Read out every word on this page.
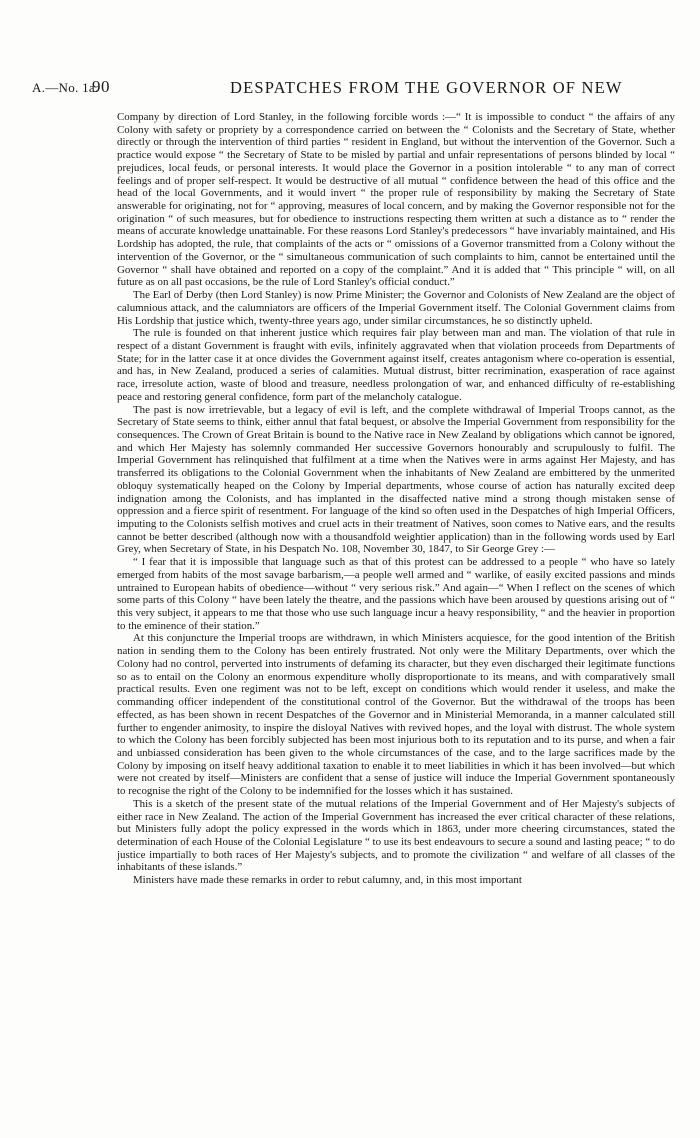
A.—No. 1a.
90	DESPATCHES FROM THE GOVERNOR OF NEW

Company by direction of Lord Stanley, in the following forcible words :—“ It is impossible to conduct “ the affairs of any Colony with safety or propriety by a correspondence carried on between the “ Colonists and the Secretary of State, whether directly or through the intervention of third parties “ resident in England, but without the intervention of the Governor. Such a practice would expose “ the Secretary of State to be misled by partial and unfair representations of persons blinded by local “ prejudices, local feuds, or personal interests. It would place the Governor in a position intolerable “ to any man of correct feelings and of proper self-respect. It would be destructive of all mutual “ confidence between the head of this office and the head of the local Governments, and it would invert “ the proper rule of responsibility by making the Secretary of State answerable for originating, not for “ approving, measures of local concern, and by making the Governor responsible not for the origination “ of such measures, but for obedience to instructions respecting them written at such a distance as to “ render the means of accurate knowledge unattainable. For these reasons Lord Stanley's predecessors “ have invariably maintained, and His Lordship has adopted, the rule, that complaints of the acts or “ omissions of a Governor transmitted from a Colony without the intervention of the Governor, or the “ simultaneous communication of such complaints to him, cannot be entertained until the Governor “ shall have obtained and reported on a copy of the complaint.” And it is added that “ This principle “ will, on all future as on all past occasions, be the rule of Lord Stanley's official conduct.”

The Earl of Derby (then Lord Stanley) is now Prime Minister; the Governor and Colonists of New Zealand are the object of calumnious attack, and the calumniators are officers of the Imperial Government itself. The Colonial Government claims from His Lordship that justice which, twenty-three years ago, under similar circumstances, he so distinctly upheld.

The rule is founded on that inherent justice which requires fair play between man and man. The violation of that rule in respect of a distant Government is fraught with evils, infinitely aggravated when that violation proceeds from Departments of State; for in the latter case it at once divides the Government against itself, creates antagonism where co-operation is essential, and has, in New Zealand, produced a series of calamities. Mutual distrust, bitter recrimination, exasperation of race against race, irresolute action, waste of blood and treasure, needless prolongation of war, and enhanced difficulty of re-establishing peace and restoring general confidence, form part of the melancholy catalogue.

The past is now irretrievable, but a legacy of evil is left, and the complete withdrawal of Imperial Troops cannot, as the Secretary of State seems to think, either annul that fatal bequest, or absolve the Imperial Government from responsibility for the consequences. The Crown of Great Britain is bound to the Native race in New Zealand by obligations which cannot be ignored, and which Her Majesty has solemnly commanded Her successive Governors honourably and scrupulously to fulfil. The Imperial Government has relinquished that fulfilment at a time when the Natives were in arms against Her Majesty, and has transferred its obligations to the Colonial Government when the inhabitants of New Zealand are embittered by the unmerited obloquy systematically heaped on the Colony by Imperial departments, whose course of action has naturally excited deep indignation among the Colonists, and has implanted in the disaffected native mind a strong though mistaken sense of oppression and a fierce spirit of resentment. For language of the kind so often used in the Despatches of high Imperial Officers, imputing to the Colonists selfish motives and cruel acts in their treatment of Natives, soon comes to Native ears, and the results cannot be better described (although now with a thousandfold weightier application) than in the following words used by Earl Grey, when Secretary of State, in his Despatch No. 108, November 30, 1847, to Sir George Grey :—

“ I fear that it is impossible that language such as that of this protest can be addressed to a people “ who have so lately emerged from habits of the most savage barbarism,—a people well armed and “ warlike, of easily excited passions and minds untrained to European habits of obedience—without “ very serious risk.” And again—“ When I reflect on the scenes of which some parts of this Colony “ have been lately the theatre, and the passions which have been aroused by questions arising out of “ this very subject, it appears to me that those who use such language incur a heavy responsibility, “ and the heavier in proportion to the eminence of their station.”

At this conjuncture the Imperial troops are withdrawn, in which Ministers acquiesce, for the good intention of the British nation in sending them to the Colony has been entirely frustrated. Not only were the Military Departments, over which the Colony had no control, perverted into instruments of defaming its character, but they even discharged their legitimate functions so as to entail on the Colony an enormous expenditure wholly disproportionate to its means, and with comparatively small practical results. Even one regiment was not to be left, except on conditions which would render it useless, and make the commanding officer independent of the constitutional control of the Governor. But the withdrawal of the troops has been effected, as has been shown in recent Despatches of the Governor and in Ministerial Memoranda, in a manner calculated still further to engender animosity, to inspire the disloyal Natives with revived hopes, and the loyal with distrust. The whole system to which the Colony has been forcibly subjected has been most injurious both to its reputation and to its purse, and when a fair and unbiassed consideration has been given to the whole circumstances of the case, and to the large sacrifices made by the Colony by imposing on itself heavy additional taxation to enable it to meet liabilities in which it has been involved—but which were not created by itself—Ministers are confident that a sense of justice will induce the Imperial Government spontaneously to recognise the right of the Colony to be indemnified for the losses which it has sustained.

This is a sketch of the present state of the mutual relations of the Imperial Government and of Her Majesty's subjects of either race in New Zealand. The action of the Imperial Government has increased the ever critical character of these relations, but Ministers fully adopt the policy expressed in the words which in 1863, under more cheering circumstances, stated the determination of each House of the Colonial Legislature “ to use its best endeavours to secure a sound and lasting peace; “ to do justice impartially to both races of Her Majesty's subjects, and to promote the civilization “ and welfare of all classes of the inhabitants of these islands.”

Ministers have made these remarks in order to rebut calumny, and, in this most important
